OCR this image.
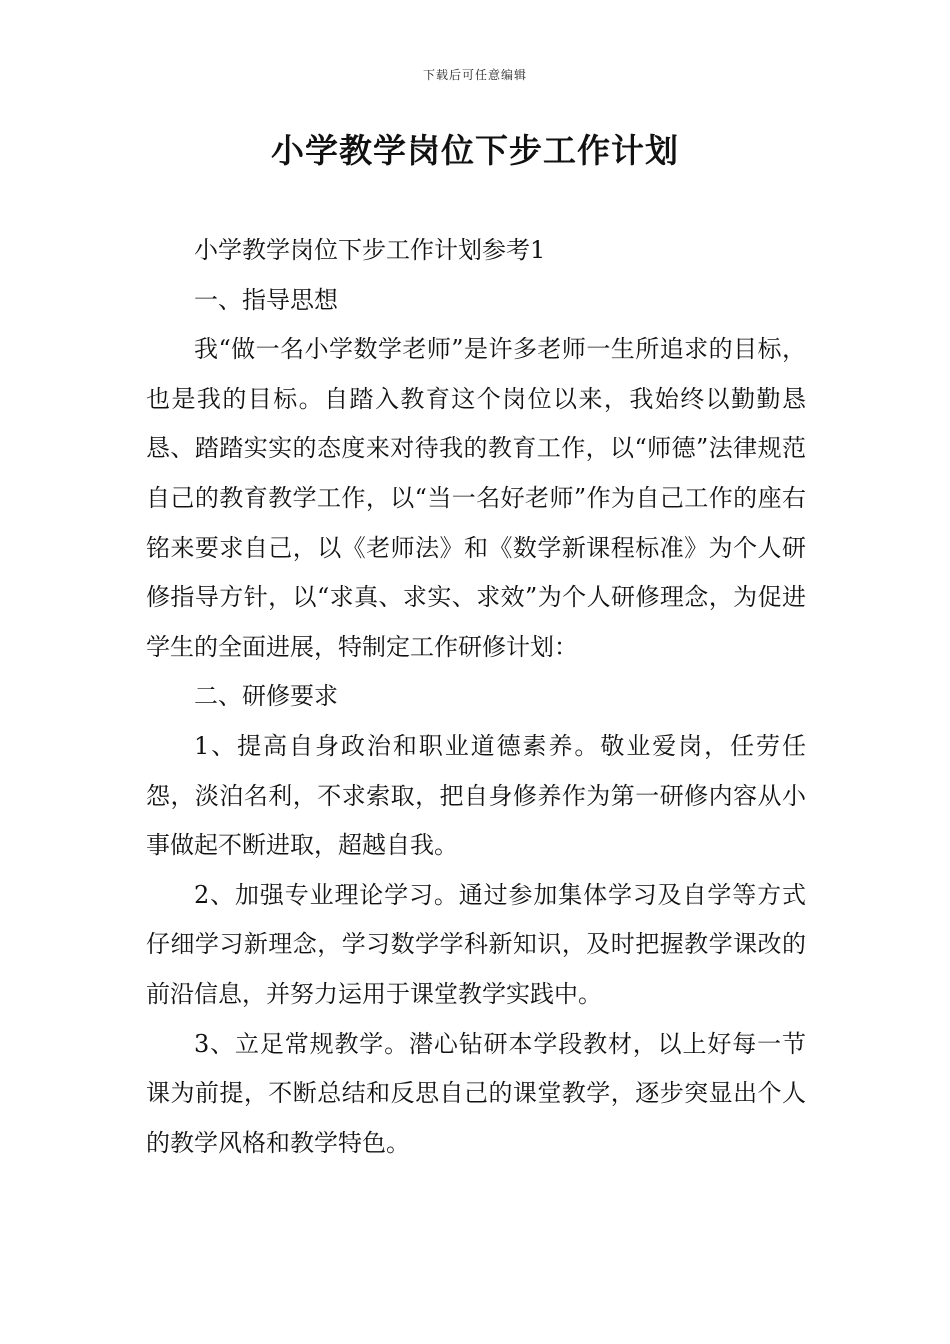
下载后可任意编辑
小学教学岗位下步工作计划

小学教学岗位下步工作计划参考1

一、指导思想

我“做一名小学数学老师”是许多老师一生所追求的目标，也是我的目标。自踏入教育这个岗位以来，我始终以勤勤恳恳、踏踏实实的态度来对待我的教育工作，以“师德”法律规范自己的教育教学工作，以“当一名好老师”作为自己工作的座右铭来要求自己，以《老师法》和《数学新课程标准》为个人研修指导方针，以“求真、求实、求效”为个人研修理念，为促进学生的全面进展，特制定工作研修计划：

二、研修要求

1、提高自身政治和职业道德素养。敬业爱岗，任劳任怨，淡泊名利，不求索取，把自身修养作为第一研修内容从小事做起不断进取，超越自我。

2、加强专业理论学习。通过参加集体学习及自学等方式仔细学习新理念，学习数学学科新知识，及时把握教学课改的前沿信息，并努力运用于课堂教学实践中。

3、立足常规教学。潜心钻研本学段教材，以上好每一节课为前提，不断总结和反思自己的课堂教学，逐步突显出个人的教学风格和教学特色。
